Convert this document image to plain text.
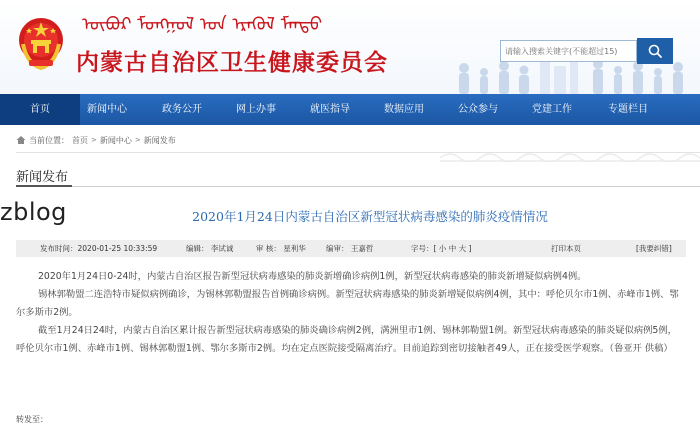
ᠥᠪᠦᠷ ᠮᠣᠩᠭᠣᠯ ᠤᠨ ᠡᠷᠡᠭᠦᠯ ᠮᠡᠨᠳᠦ
内蒙古自治区卫生健康委员会
请输入搜索关键字(不能超过15)
首页	新闻中心	政务公开	网上办事	就医指导	数据应用	公众参与	党建工作	专题栏目
当前位置： 首页 > 新闻中心 > 新闻发布
新闻发布
zblog	2020年1月24日内蒙古自治区新型冠状病毒感染的肺炎疫情情况
发布时间：2020-01-25 10:33:59	编辑： 李试诚	审 核： 星利华	编审： 王嘉哲	字号：[ 小 中 大 ]	打印本页	[我要纠错]

2020年1月24日0-24时，内蒙古自治区报告新型冠状病毒感染的肺炎新增确诊病例1例，新型冠状病毒感染的肺炎新增疑似病例4例。

锡林郭勒盟二连浩特市疑似病例确诊，为锡林郭勒盟报告首例确诊病例。新型冠状病毒感染的肺炎新增疑似病例4例，其中：呼伦贝尔市1例、赤峰市1例、鄂尔多斯市2例。

截至1月24日24时，内蒙古自治区累计报告新型冠状病毒感染的肺炎确诊病例2例，满洲里市1例、锡林郭勒盟1例。新型冠状病毒感染的肺炎疑似病例5例，呼伦贝尔市1例、赤峰市1例、锡林郭勒盟1例、鄂尔多斯市2例。均在定点医院接受隔离治疗。目前追踪到密切接触者49人，正在接受医学观察。（鲁亚开 供稿）

转发至：
